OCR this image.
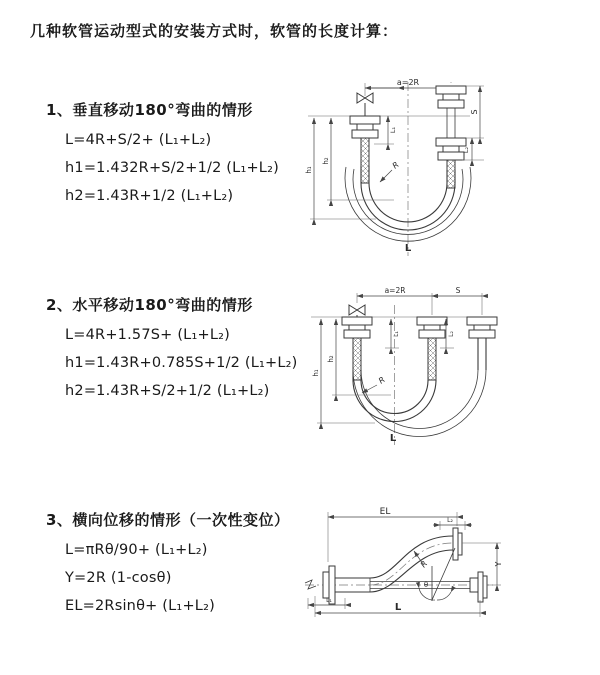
几种软管运动型式的安装方式时，软管的长度计算：
1、垂直移动180°弯曲的情形
L=4R+S/2+ (L₁+L₂)
h1=1.432R+S/2+1/2 (L₁+L₂)
h2=1.43R+1/2 (L₁+L₂)
2、水平移动180°弯曲的情形
L=4R+1.57S+ (L₁+L₂)
h1=1.43R+0.785S+1/2 (L₁+L₂)
h2=1.43R+S/2+1/2 (L₁+L₂)
3、横向位移的情形（一次性变位）
L=πRθ/90+ (L₁+L₂)
Y=2R (1-cosθ)
EL=2Rsinθ+ (L₁+L₂)
a=2R
L₁
S
L₂
h₂
h₁	R
L
a=2R	S
L₁	L₂
h₂
h₁
R
L
EL
L₂
θ
R	Y
L₁
L
